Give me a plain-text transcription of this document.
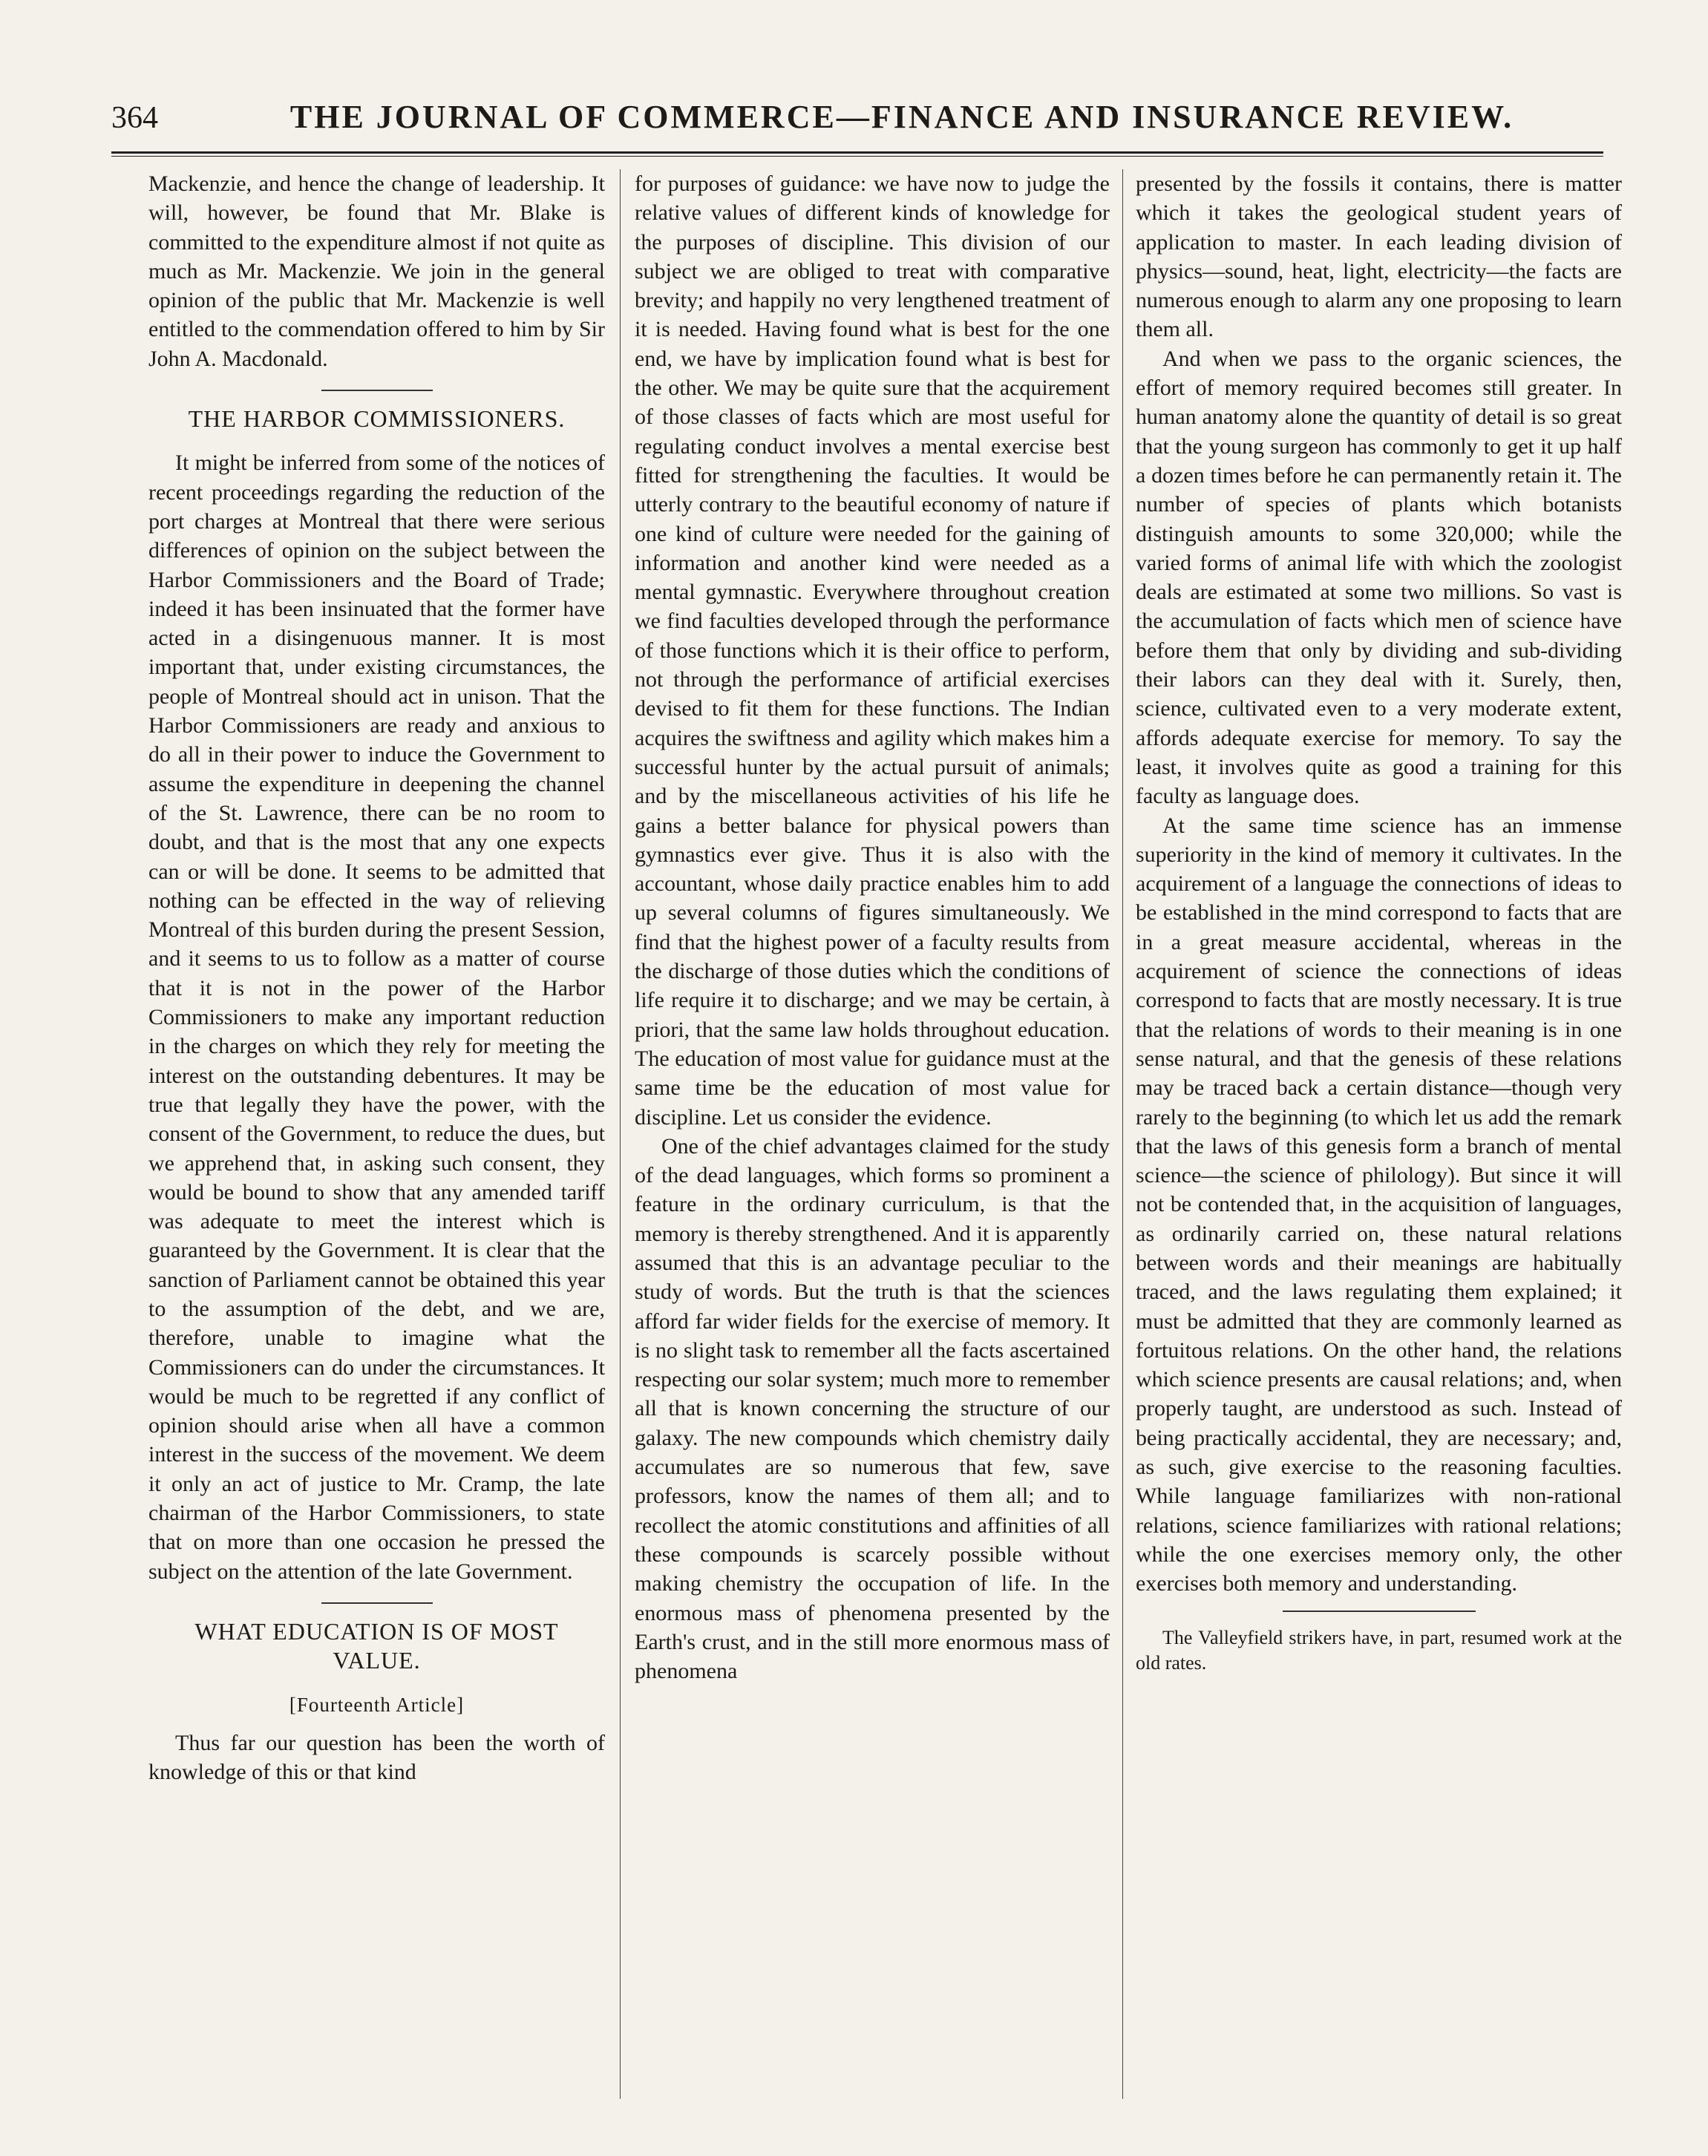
364	THE JOURNAL OF COMMERCE—FINANCE AND INSURANCE REVIEW.

Mackenzie, and hence the change of leadership. It will, however, be found that Mr. Blake is committed to the expenditure almost if not quite as much as Mr. Mackenzie. We join in the general opinion of the public that Mr. Mackenzie is well entitled to the commendation offered to him by Sir John A. Macdonald.

THE HARBOR COMMISSIONERS.

It might be inferred from some of the notices of recent proceedings regarding the reduction of the port charges at Montreal that there were serious differences of opinion on the subject between the Harbor Commissioners and the Board of Trade; indeed it has been insinuated that the former have acted in a disingenuous manner. It is most important that, under existing circumstances, the people of Montreal should act in unison. That the Harbor Commissioners are ready and anxious to do all in their power to induce the Government to assume the expenditure in deepening the channel of the St. Lawrence, there can be no room to doubt, and that is the most that any one expects can or will be done. It seems to be admitted that nothing can be effected in the way of relieving Montreal of this burden during the present Session, and it seems to us to follow as a matter of course that it is not in the power of the Harbor Commissioners to make any important reduction in the charges on which they rely for meeting the interest on the outstanding debentures. It may be true that legally they have the power, with the consent of the Government, to reduce the dues, but we apprehend that, in asking such consent, they would be bound to show that any amended tariff was adequate to meet the interest which is guaranteed by the Government. It is clear that the sanction of Parliament cannot be obtained this year to the assumption of the debt, and we are, therefore, unable to imagine what the Commissioners can do under the circumstances. It would be much to be regretted if any conflict of opinion should arise when all have a common interest in the success of the movement. We deem it only an act of justice to Mr. Cramp, the late chairman of the Harbor Commissioners, to state that on more than one occasion he pressed the subject on the attention of the late Government.

WHAT EDUCATION IS OF MOST VALUE.

[Fourteenth Article]

Thus far our question has been the worth of knowledge of this or that kind

for purposes of guidance: we have now to judge the relative values of different kinds of knowledge for the purposes of discipline. This division of our subject we are obliged to treat with comparative brevity; and happily no very lengthened treatment of it is needed. Having found what is best for the one end, we have by implication found what is best for the other. We may be quite sure that the acquirement of those classes of facts which are most useful for regulating conduct involves a mental exercise best fitted for strengthening the faculties. It would be utterly contrary to the beautiful economy of nature if one kind of culture were needed for the gaining of information and another kind were needed as a mental gymnastic. Everywhere throughout creation we find faculties developed through the performance of those functions which it is their office to perform, not through the performance of artificial exercises devised to fit them for these functions. The Indian acquires the swiftness and agility which makes him a successful hunter by the actual pursuit of animals; and by the miscellaneous activities of his life he gains a better balance for physical powers than gymnastics ever give. Thus it is also with the accountant, whose daily practice enables him to add up several columns of figures simultaneously. We find that the highest power of a faculty results from the discharge of those duties which the conditions of life require it to discharge; and we may be certain, à priori, that the same law holds throughout education. The education of most value for guidance must at the same time be the education of most value for discipline. Let us consider the evidence.

One of the chief advantages claimed for the study of the dead languages, which forms so prominent a feature in the ordinary curriculum, is that the memory is thereby strengthened. And it is apparently assumed that this is an advantage peculiar to the study of words. But the truth is that the sciences afford far wider fields for the exercise of memory. It is no slight task to remember all the facts ascertained respecting our solar system; much more to remember all that is known concerning the structure of our galaxy. The new compounds which chemistry daily accumulates are so numerous that few, save professors, know the names of them all; and to recollect the atomic constitutions and affinities of all these compounds is scarcely possible without making chemistry the occupation of life. In the enormous mass of phenomena presented by the Earth's crust, and in the still more enormous mass of phenomena

presented by the fossils it contains, there is matter which it takes the geological student years of application to master. In each leading division of physics—sound, heat, light, electricity—the facts are numerous enough to alarm any one proposing to learn them all.

And when we pass to the organic sciences, the effort of memory required becomes still greater. In human anatomy alone the quantity of detail is so great that the young surgeon has commonly to get it up half a dozen times before he can permanently retain it. The number of species of plants which botanists distinguish amounts to some 320,000; while the varied forms of animal life with which the zoologist deals are estimated at some two millions. So vast is the accumulation of facts which men of science have before them that only by dividing and sub-dividing their labors can they deal with it. Surely, then, science, cultivated even to a very moderate extent, affords adequate exercise for memory. To say the least, it involves quite as good a training for this faculty as language does.

At the same time science has an immense superiority in the kind of memory it cultivates. In the acquirement of a language the connections of ideas to be established in the mind correspond to facts that are in a great measure accidental, whereas in the acquirement of science the connections of ideas correspond to facts that are mostly necessary. It is true that the relations of words to their meaning is in one sense natural, and that the genesis of these relations may be traced back a certain distance—though very rarely to the beginning (to which let us add the remark that the laws of this genesis form a branch of mental science—the science of philology). But since it will not be contended that, in the acquisition of languages, as ordinarily carried on, these natural relations between words and their meanings are habitually traced, and the laws regulating them explained; it must be admitted that they are commonly learned as fortuitous relations. On the other hand, the relations which science presents are causal relations; and, when properly taught, are understood as such. Instead of being practically accidental, they are necessary; and, as such, give exercise to the reasoning faculties. While language familiarizes with non-rational relations, science familiarizes with rational relations; while the one exercises memory only, the other exercises both memory and understanding.

The Valleyfield strikers have, in part, resumed work at the old rates.
